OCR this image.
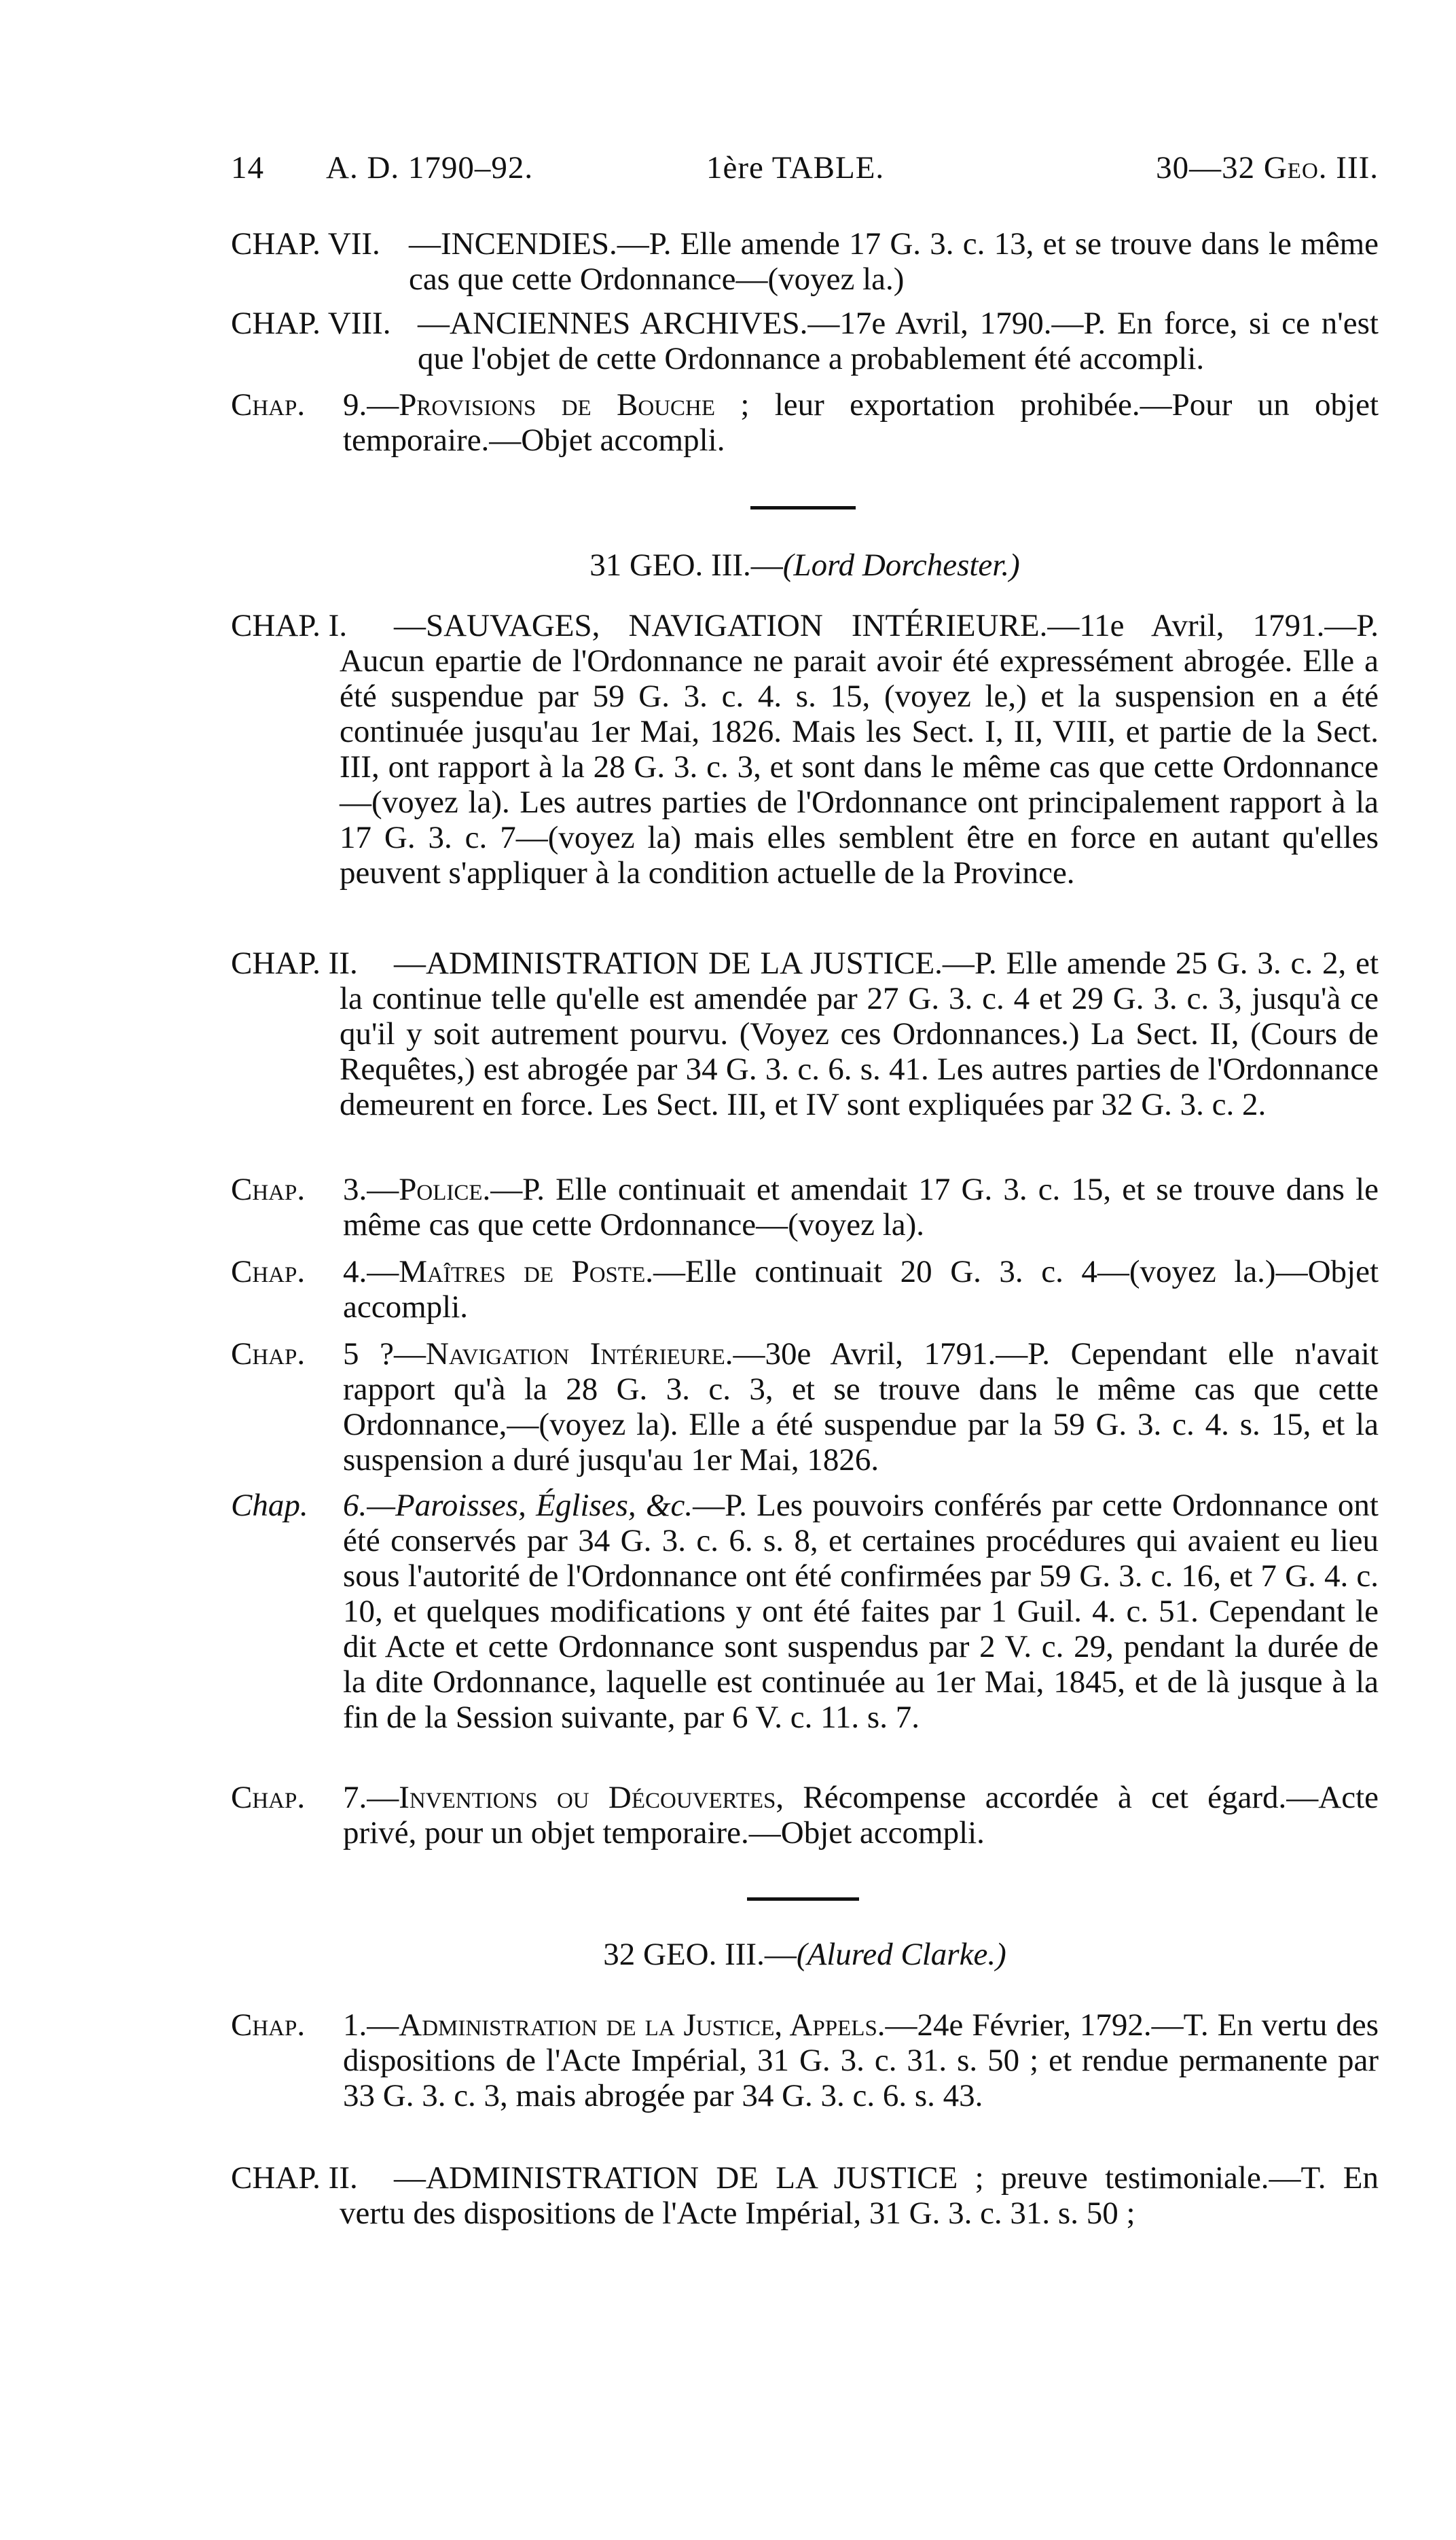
14 A. D. 1790–92.	1ère TABLE.	30—32 Geo. III.
CHAP. VII. —INCENDIES.—P. Elle amende 17 G. 3. c. 13, et se trouve dans le même cas que cette Ordonnance—(voyez la.)
CHAP. VIII. —ANCIENNES ARCHIVES.—17e Avril, 1790.—P. En force, si ce n'est que l'objet de cette Ordonnance a probablement été accompli.
Chap. 9.—Provisions de Bouche ; leur exportation prohibée.—Pour un objet temporaire.—Objet accompli.
31 GEO. III.—(Lord Dorchester.)
CHAP. I.	—SAUVAGES, NAVIGATION INTÉRIEURE.—11e Avril, 1791.—P. Aucun epartie de l'Ordonnance ne parait avoir été expressément abrogée. Elle a été suspendue par 59 G. 3. c. 4. s. 15, (voyez le,) et la suspension en a été continuée jusqu'au 1er Mai, 1826. Mais les Sect. I, II, VIII, et partie de la Sect. III, ont rapport à la 28 G. 3. c. 3, et sont dans le même cas que cette Ordonnance—(voyez la). Les autres parties de l'Ordonnance ont principalement rapport à la 17 G. 3. c. 7—(voyez la) mais elles semblent être en force en autant qu'elles peuvent s'appliquer à la condition actuelle de la Province.
CHAP. II.	—ADMINISTRATION DE LA JUSTICE.—P. Elle amende 25 G. 3. c. 2, et la continue telle qu'elle est amendée par 27 G. 3. c. 4 et 29 G. 3. c. 3, jusqu'à ce qu'il y soit autrement pourvu. (Voyez ces Ordonnances.) La Sect. II, (Cours de Requêtes,) est abrogée par 34 G. 3. c. 6. s. 41. Les autres parties de l'Ordonnance demeurent en force. Les Sect. III, et IV sont expliquées par 32 G. 3. c. 2.
Chap. 3.—Police.—P. Elle continuait et amendait 17 G. 3. c. 15, et se trouve dans le même cas que cette Ordonnance—(voyez la).
Chap. 4.—Maîtres de Poste.—Elle continuait 20 G. 3. c. 4—(voyez la.)—Objet accompli.
Chap. 5 ?—Navigation Intérieure.—30e Avril, 1791.—P. Cependant elle n'avait rapport qu'à la 28 G. 3. c. 3, et se trouve dans le même cas que cette Ordonnance,—(voyez la). Elle a été suspendue par la 59 G. 3. c. 4. s. 15, et la suspension a duré jusqu'au 1er Mai, 1826.
Chap. 6.—Paroisses, Églises, &c.—P. Les pouvoirs conférés par cette Ordonnance ont été conservés par 34 G. 3. c. 6. s. 8, et certaines procédures qui avaient eu lieu sous l'autorité de l'Ordonnance ont été confirmées par 59 G. 3. c. 16, et 7 G. 4. c. 10, et quelques modifications y ont été faites par 1 Guil. 4. c. 51. Cependant le dit Acte et cette Ordonnance sont suspendus par 2 V. c. 29, pendant la durée de la dite Ordonnance, laquelle est continuée au 1er Mai, 1845, et de là jusque à la fin de la Session suivante, par 6 V. c. 11. s. 7.
Chap. 7.—Inventions ou Découvertes, Récompense accordée à cet égard.—Acte privé, pour un objet temporaire.—Objet accompli.
32 GEO. III.—(Alured Clarke.)
Chap. 1.—Administration de la Justice, Appels.—24e Février, 1792.—T. En vertu des dispositions de l'Acte Impérial, 31 G. 3. c. 31. s. 50 ; et rendue permanente par 33 G. 3. c. 3, mais abrogée par 34 G. 3. c. 6. s. 43.
CHAP. II.	—ADMINISTRATION DE LA JUSTICE ; preuve testimoniale.—T. En vertu des dispositions de l'Acte Impérial, 31 G. 3. c. 31. s. 50 ;
